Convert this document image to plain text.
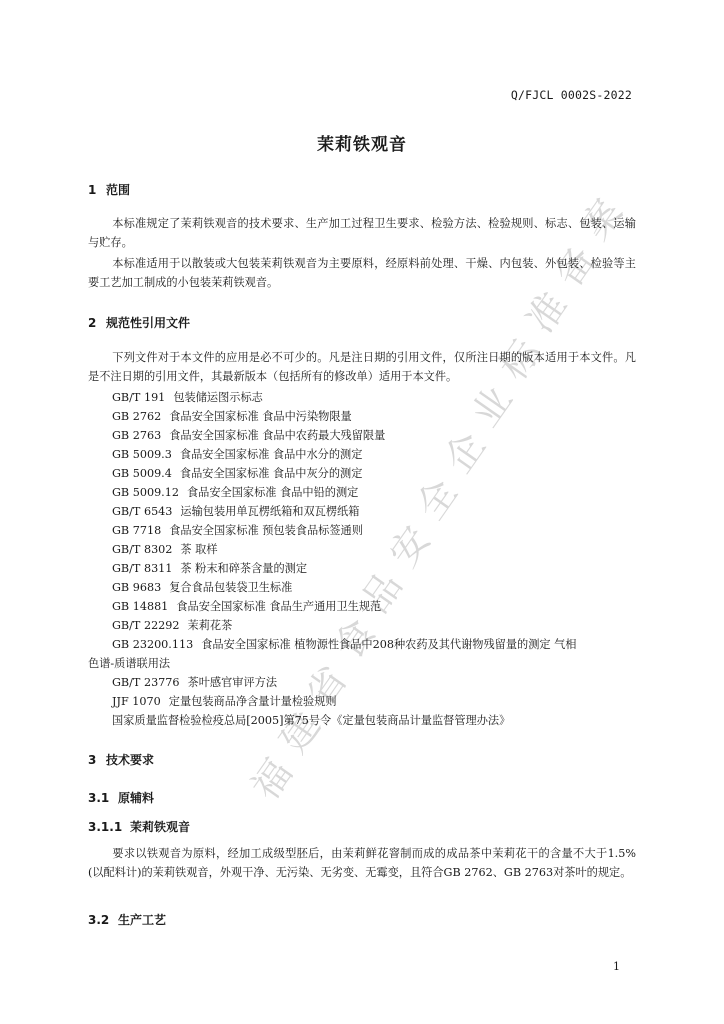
福
建
省
食
品
安
全
企
业
标
准
备
案
Q/FJCL 0002S-2022
茉莉铁观音
1 范围
本标准规定了茉莉铁观音的技术要求、生产加工过程卫生要求、检验方法、检验规则、标志、包装、运输与贮存。
本标准适用于以散装或大包装茉莉铁观音为主要原料，经原料前处理、干燥、内包装、外包装、检验等主要工艺加工制成的小包装茉莉铁观音。
2 规范性引用文件
下列文件对于本文件的应用是必不可少的。凡是注日期的引用文件，仅所注日期的版本适用于本文件。凡是不注日期的引用文件，其最新版本（包括所有的修改单）适用于本文件。
GB/T 191 包装储运图示标志
GB 2762 食品安全国家标准 食品中污染物限量
GB 2763 食品安全国家标准 食品中农药最大残留限量
GB 5009.3 食品安全国家标准 食品中水分的测定
GB 5009.4 食品安全国家标准 食品中灰分的测定
GB 5009.12 食品安全国家标准 食品中铅的测定
GB/T 6543 运输包装用单瓦楞纸箱和双瓦楞纸箱
GB 7718 食品安全国家标准 预包装食品标签通则
GB/T 8302 茶 取样
GB/T 8311 茶 粉末和碎茶含量的测定
GB 9683 复合食品包装袋卫生标准
GB 14881 食品安全国家标准 食品生产通用卫生规范
GB/T 22292 茉莉花茶
GB 23200.113 食品安全国家标准 植物源性食品中208种农药及其代谢物残留量的测定 气相
色谱-质谱联用法
GB/T 23776 茶叶感官审评方法
JJF 1070 定量包装商品净含量计量检验规则
国家质量监督检验检疫总局[2005]第75号令《定量包装商品计量监督管理办法》
3 技术要求
3.1 原辅料
3.1.1 茉莉铁观音
要求以铁观音为原料，经加工成级型胚后，由茉莉鲜花窨制而成的成品茶中茉莉花干的含量不大于1.5%(以配料计)的茉莉铁观音，外观干净、无污染、无劣变、无霉变，且符合GB 2762、GB 2763对茶叶的规定。
3.2 生产工艺
1
